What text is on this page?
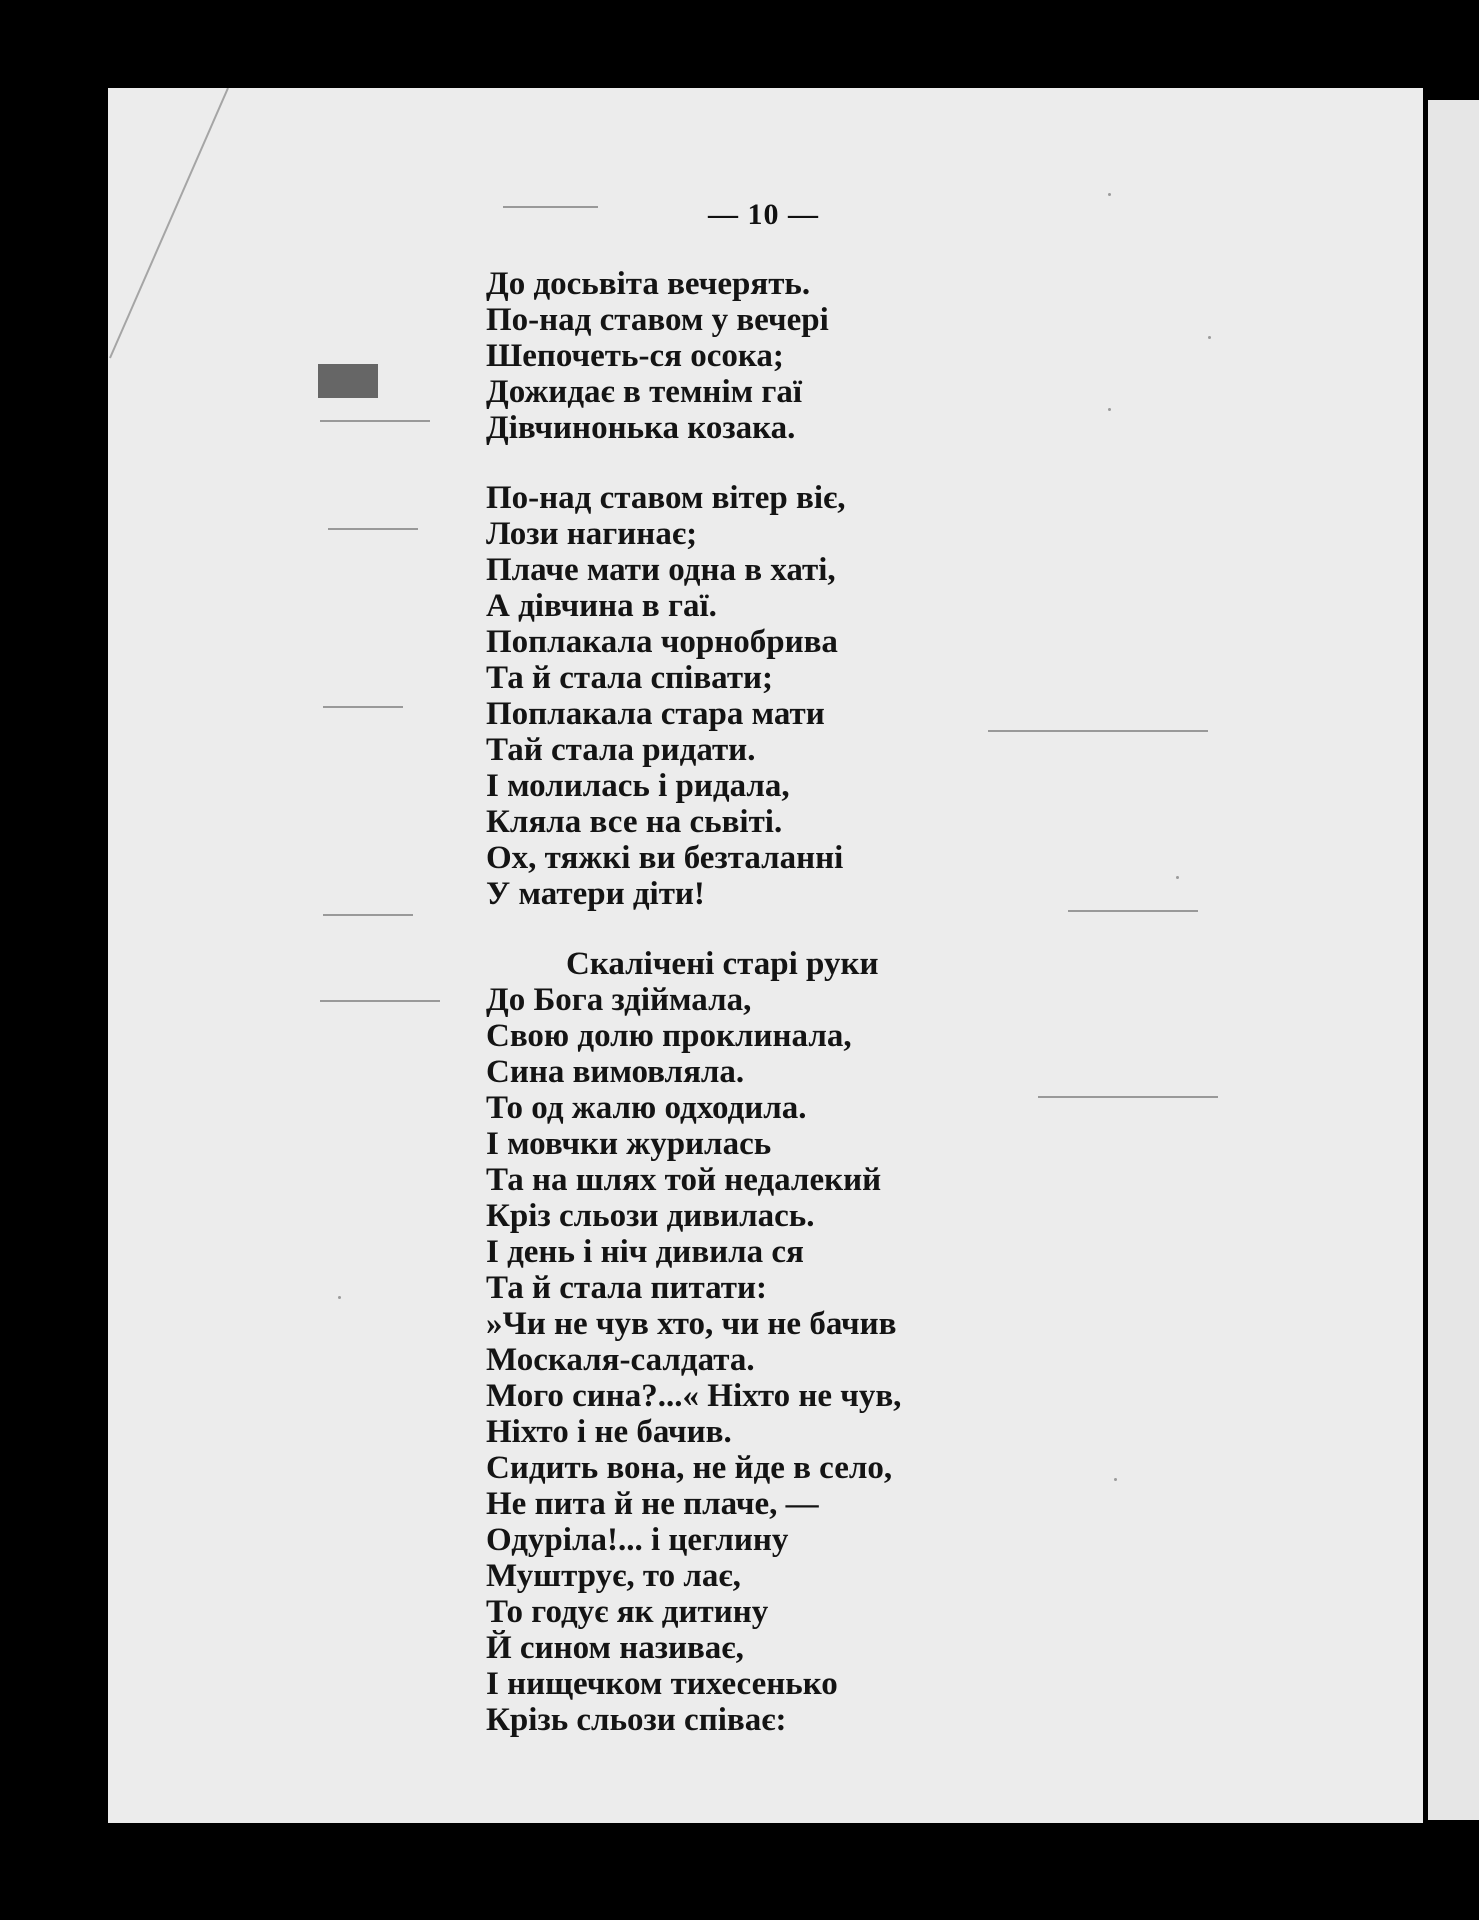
— 10 —
До досьвіта вечерять.
По-над ставом у вечері
Шепочеть-ся осока;
Дожидає в темнім гаї
Дівчинонька козака.
По-над ставом вітер віє,
Лози нагинає;
Плаче мати одна в хаті,
А дівчина в гаї.
Поплакала чорнобрива
Та й стала співати;
Поплакала стара мати
Тай стала ридати.
І молилась і ридала,
Кляла все на сьвіті.
Ох, тяжкі ви безталанні
У матери діти!
Скалічені старі руки
До Бога здіймала,
Свою долю проклинала,
Сина вимовляла.
То од жалю одходила.
І мовчки журилась
Та на шлях той недалекий
Кріз сльози дивилась.
І день і ніч дивила ся
Та й стала питати:
»Чи не чув хто, чи не бачив
Москаля-салдата.
Мого сина?...« Ніхто не чув,
Ніхто і не бачив.
Сидить вона, не йде в село,
Не пита й не плаче, —
Одуріла!... і цеглину
Муштрує, то лає,
То годує як дитину
Й сином називає,
І нищечком тихесенько
Крізь сльози співає:
